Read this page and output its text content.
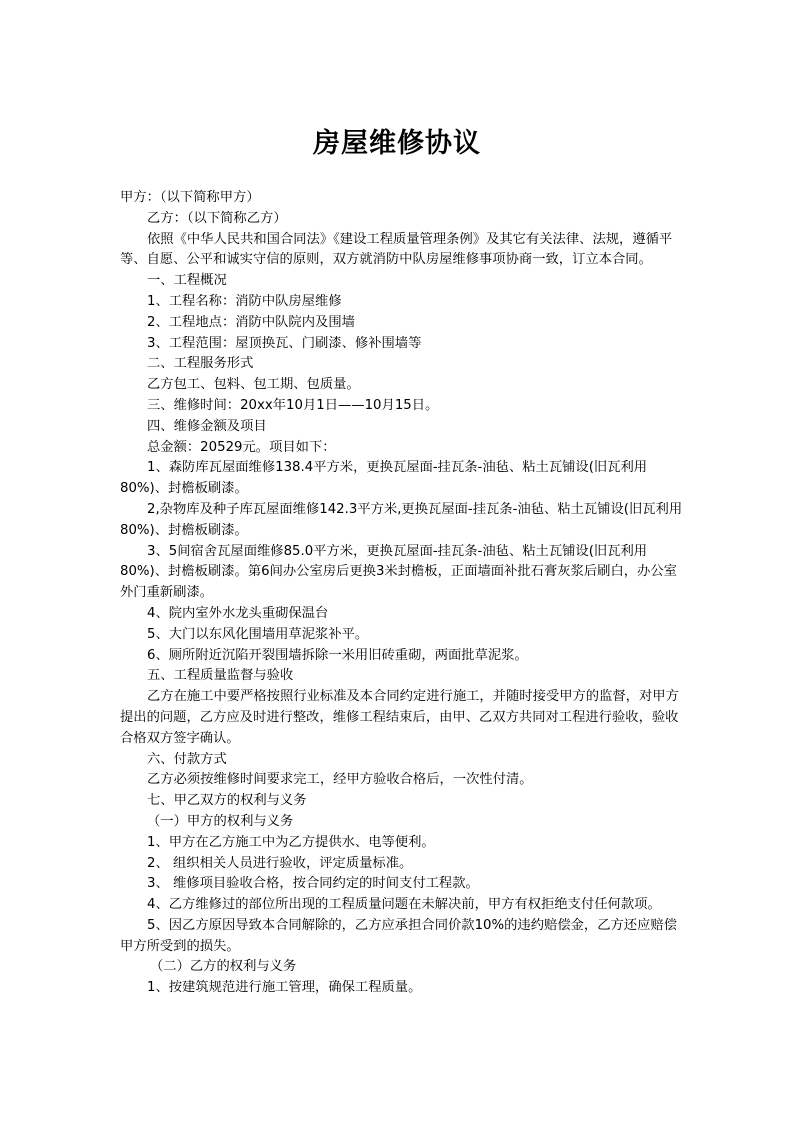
房屋维修协议

甲方：（以下简称甲方）

乙方：（以下简称乙方）

依照《中华人民共和国合同法》《建设工程质量管理条例》及其它有关法律、法规，遵循平等、自愿、公平和诚实守信的原则，双方就消防中队房屋维修事项协商一致，订立本合同。

一、工程概况

1、工程名称：消防中队房屋维修

2、工程地点：消防中队院内及围墙

3、工程范围：屋顶换瓦、门刷漆、修补围墙等

二、工程服务形式

乙方包工、包料、包工期、包质量。

三、维修时间：20xx年10月1日——10月15日。

四、维修金额及项目

总金额：20529元。项目如下：

1、森防库瓦屋面维修138.4平方米，更换瓦屋面-挂瓦条-油毡、粘土瓦铺设(旧瓦利用80%)、封檐板刷漆。

2,杂物库及种子库瓦屋面维修142.3平方米,更换瓦屋面-挂瓦条-油毡、粘土瓦铺设(旧瓦利用80%)、封檐板刷漆。

3、5间宿舍瓦屋面维修85.0平方米，更换瓦屋面-挂瓦条-油毡、粘土瓦铺设(旧瓦利用80%)、封檐板刷漆。第6间办公室房后更换3米封檐板，正面墙面补批石膏灰浆后刷白，办公室外门重新刷漆。

4、院内室外水龙头重砌保温台

5、大门以东风化围墙用草泥浆补平。

6、厕所附近沉陷开裂围墙拆除一米用旧砖重砌，两面批草泥浆。

五、工程质量监督与验收

乙方在施工中要严格按照行业标准及本合同约定进行施工，并随时接受甲方的监督，对甲方提出的问题，乙方应及时进行整改，维修工程结束后，由甲、乙双方共同对工程进行验收，验收合格双方签字确认。

六、付款方式

乙方必须按维修时间要求完工，经甲方验收合格后，一次性付清。

七、甲乙双方的权利与义务

（一）甲方的权利与义务

1、甲方在乙方施工中为乙方提供水、电等便利。

2、 组织相关人员进行验收，评定质量标准。

3、 维修项目验收合格，按合同约定的时间支付工程款。

4、乙方维修过的部位所出现的工程质量问题在未解决前，甲方有权拒绝支付任何款项。

5、因乙方原因导致本合同解除的，乙方应承担合同价款10%的违约赔偿金，乙方还应赔偿甲方所受到的损失。

（二）乙方的权利与义务

1、按建筑规范进行施工管理，确保工程质量。
